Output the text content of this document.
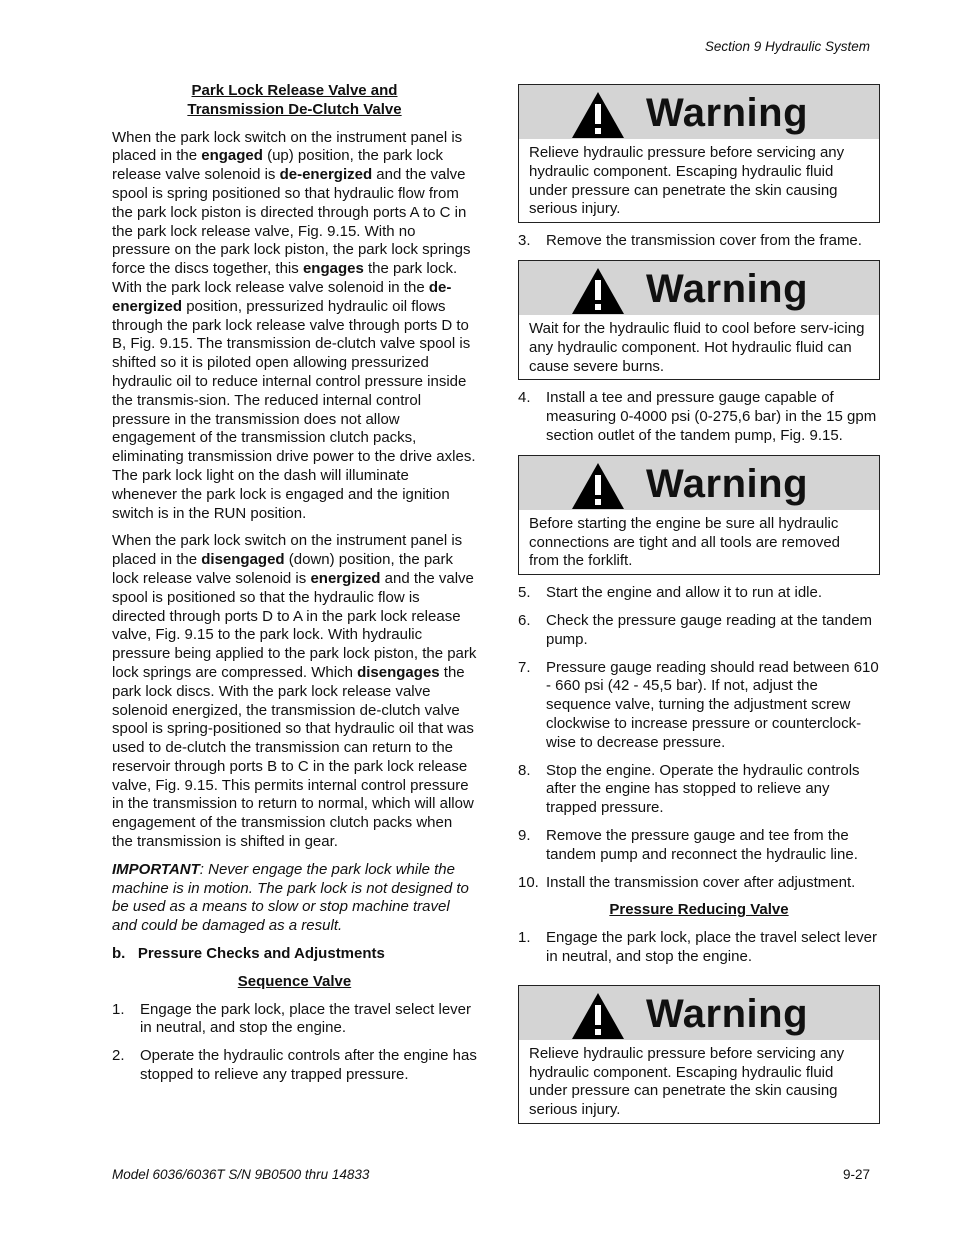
Section 9 Hydraulic System
Park Lock Release Valve and
Transmission De-Clutch Valve

When the park lock switch on the instrument panel is placed in the engaged (up) position, the park lock release valve solenoid is de-energized and the valve spool is spring positioned so that hydraulic flow from the park lock piston is directed through ports A to C in the park lock release valve, Fig. 9.15. With no pressure on the park lock piston, the park lock springs force the discs together, this engages the park lock. With the park lock release valve solenoid in the de-energized position, pressurized hydraulic oil flows through the park lock release valve through ports D to B, Fig. 9.15. The transmission de-clutch valve spool is shifted so it is piloted open allowing pressurized hydraulic oil to reduce internal control pressure inside the transmis-sion. The reduced internal control pressure in the transmission does not allow engagement of the transmission clutch packs, eliminating transmission drive power to the drive axles. The park lock light on the dash will illuminate whenever the park lock is engaged and the ignition switch is in the RUN position.

When the park lock switch on the instrument panel is placed in the disengaged (down) position, the park lock release valve solenoid is energized and the valve spool is positioned so that the hydraulic flow is directed through ports D to A in the park lock release valve, Fig. 9.15 to the park lock. With hydraulic pressure being applied to the park lock piston, the park lock springs are compressed. Which disengages the park lock discs. With the park lock release valve solenoid energized, the transmission de-clutch valve spool is spring-positioned so that hydraulic oil that was used to de-clutch the transmission can return to the reservoir through ports B to C in the park lock release valve, Fig. 9.15. This permits internal control pressure in the transmission to return to normal, which will allow engagement of the transmission clutch packs when the transmission is shifted in gear.

IMPORTANT: Never engage the park lock while the machine is in motion. The park lock is not designed to be used as a means to slow or stop machine travel and could be damaged as a result.

b.   Pressure Checks and Adjustments
Sequence Valve
1.	Engage the park lock, place the travel select lever in neutral, and stop the engine.
2.	Operate the hydraulic controls after the engine has stopped to relieve any trapped pressure.
Warning
Relieve hydraulic pressure before servicing any hydraulic component. Escaping hydraulic fluid under pressure can penetrate the skin causing serious injury.
3.	Remove the transmission cover from the frame.
Warning
Wait for the hydraulic fluid to cool before serv-icing any hydraulic component. Hot hydraulic fluid can cause severe burns.
4.	Install a tee and pressure gauge capable of measuring 0-4000 psi (0-275,6 bar) in the 15 gpm section outlet of the tandem pump, Fig. 9.15.
Warning
Before starting the engine be sure all hydraulic connections are tight and all tools are removed from the forklift.
5.	Start the engine and allow it to run at idle.
6.	Check the pressure gauge reading at the tandem pump.
7.	Pressure gauge reading should read between 610 - 660 psi (42 - 45,5 bar). If not, adjust the sequence valve, turning the adjustment screw clockwise to increase pressure or counterclock-wise to decrease pressure.
8.	Stop the engine. Operate the hydraulic controls after the engine has stopped to relieve any trapped pressure.
9.	Remove the pressure gauge and tee from the tandem pump and reconnect the hydraulic line.
10. Install the transmission cover after adjustment.
Pressure Reducing Valve
1.	Engage the park lock, place the travel select lever in neutral, and stop the engine.
Warning
Relieve hydraulic pressure before servicing any hydraulic component. Escaping hydraulic fluid under pressure can penetrate the skin causing serious injury.
Model 6036/6036T S/N 9B0500 thru 14833	9-27
